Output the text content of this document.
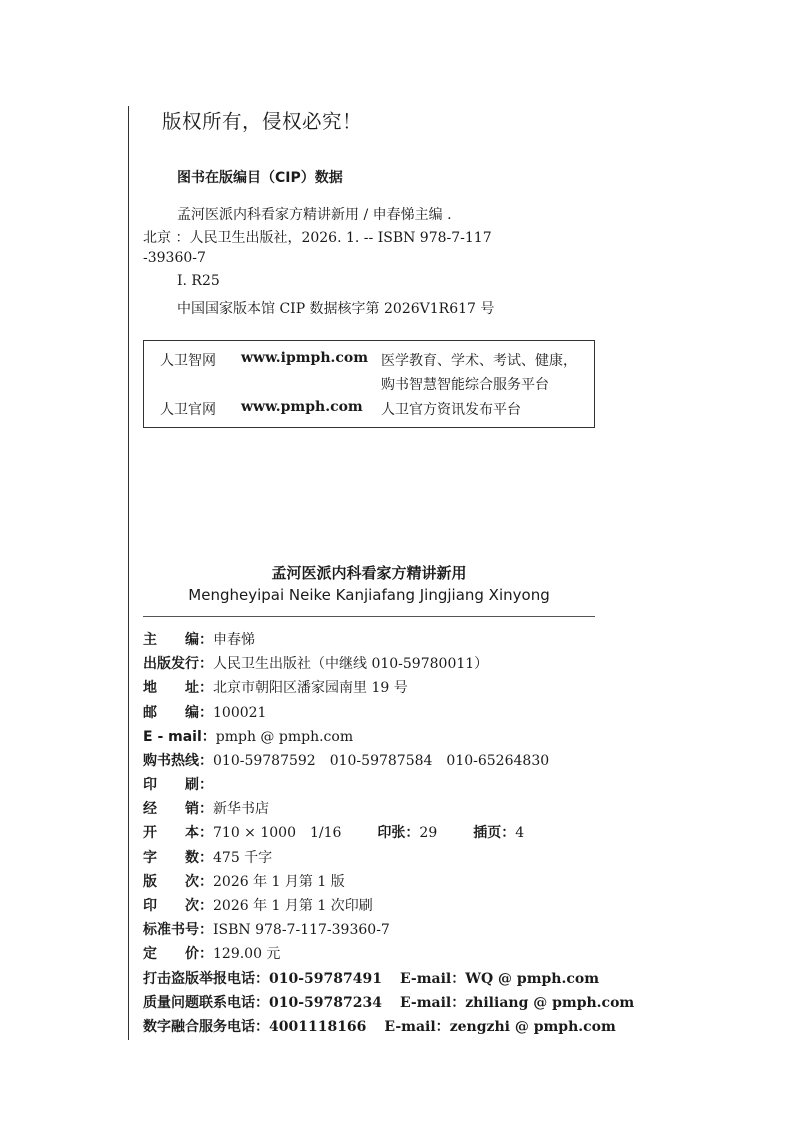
版权所有，侵权必究！
图书在版编目（CIP）数据
孟河医派内科看家方精讲新用 / 申春悌主编 .
北京 ：人民卫生出版社，2026. 1. -- ISBN 978-7-117
-39360-7
Ⅰ. R25
中国国家版本馆 CIP 数据核字第 2026V1R617 号
人卫智网 www.ipmph.com 医学教育、学术、考试、健康，
购书智慧智能综合服务平台
人卫官网 www.pmph.com 人卫官方资讯发布平台
孟河医派内科看家方精讲新用
Mengheyipai Neike Kanjiafang Jingjiang Xinyong
主　　编：申春悌
出版发行：人民卫生出版社（中继线 010-59780011）
地　　址：北京市朝阳区潘家园南里 19 号
邮　　编：100021
E - mail：pmph @ pmph.com
购书热线：010-59787592　010-59787584　010-65264830
印　　刷：
经　　销：新华书店
开　　本：710 × 1000　1/16	印张：29	插页：4
字　　数：475 千字
版　　次：2026 年 1 月第 1 版
印　　次：2026 年 1 月第 1 次印刷
标准书号：ISBN 978-7-117-39360-7
定　　价：129.00 元
打击盗版举报电话：010-59787491 E-mail：WQ @ pmph.com
质量问题联系电话：010-59787234 E-mail：zhiliang @ pmph.com
数字融合服务电话：4001118166 E-mail：zengzhi @ pmph.com
